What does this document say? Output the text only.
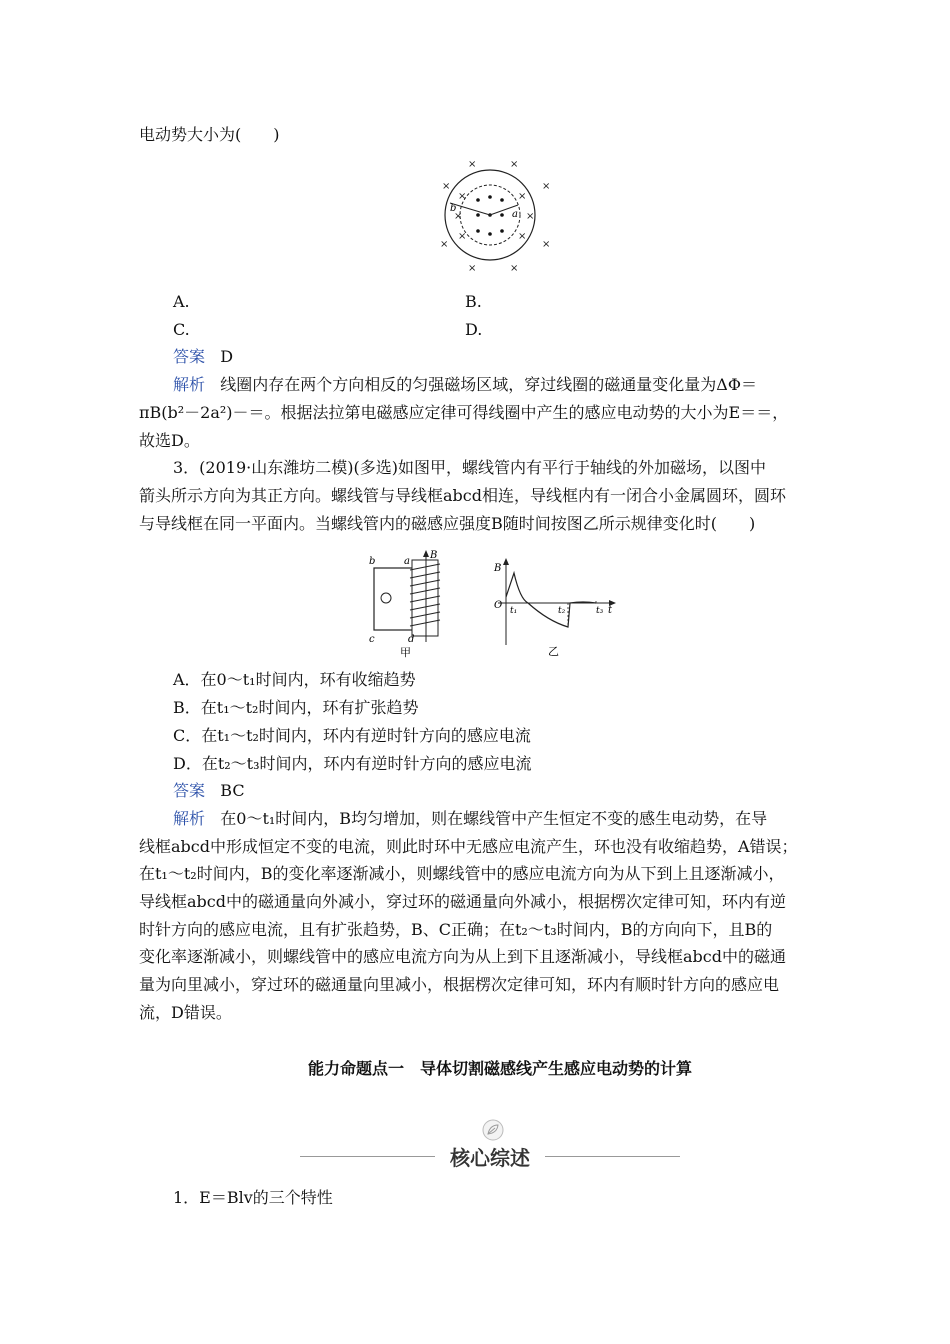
电动势大小为(　　)
×	×
×	×
×	×
×	×
×	×
×	×
×	×
b
a
A.	B.
C.	D.
答案 D
解析 线圈内存在两个方向相反的匀强磁场区域，穿过线圈的磁通量变化量为ΔΦ＝
πB(b²－2a²)－＝。根据法拉第电磁感应定律可得线圈中产生的感应电动势的大小为E＝＝，
故选D。
3．(2019·山东潍坊二模)(多选)如图甲，螺线管内有平行于轴线的外加磁场，以图中
箭头所示方向为其正方向。螺线管与导线框abcd相连，导线框内有一闭合小金属圆环，圆环
与导线框在同一平面内。当螺线管内的磁感应强度B随时间按图乙所示规律变化时(　　)
b	a
c	d
B
甲
B
O t₁	t₂	t₃ t
乙
A．在0～t₁时间内，环有收缩趋势
B．在t₁～t₂时间内，环有扩张趋势
C．在t₁～t₂时间内，环内有逆时针方向的感应电流
D．在t₂～t₃时间内，环内有逆时针方向的感应电流
答案 BC
解析 在0～t₁时间内，B均匀增加，则在螺线管中产生恒定不变的感生电动势，在导
线框abcd中形成恒定不变的电流，则此时环中无感应电流产生，环也没有收缩趋势，A错误；
在t₁～t₂时间内，B的变化率逐渐减小，则螺线管中的感应电流方向为从下到上且逐渐减小，
导线框abcd中的磁通量向外减小，穿过环的磁通量向外减小，根据楞次定律可知，环内有逆
时针方向的感应电流，且有扩张趋势，B、C正确；在t₂～t₃时间内，B的方向向下，且B的
变化率逐渐减小，则螺线管中的感应电流方向为从上到下且逐渐减小，导线框abcd中的磁通
量为向里减小，穿过环的磁通量向里减小，根据楞次定律可知，环内有顺时针方向的感应电
流，D错误。
能力命题点一　导体切割磁感线产生感应电动势的计算
核心综述
1．E＝Blv的三个特性
